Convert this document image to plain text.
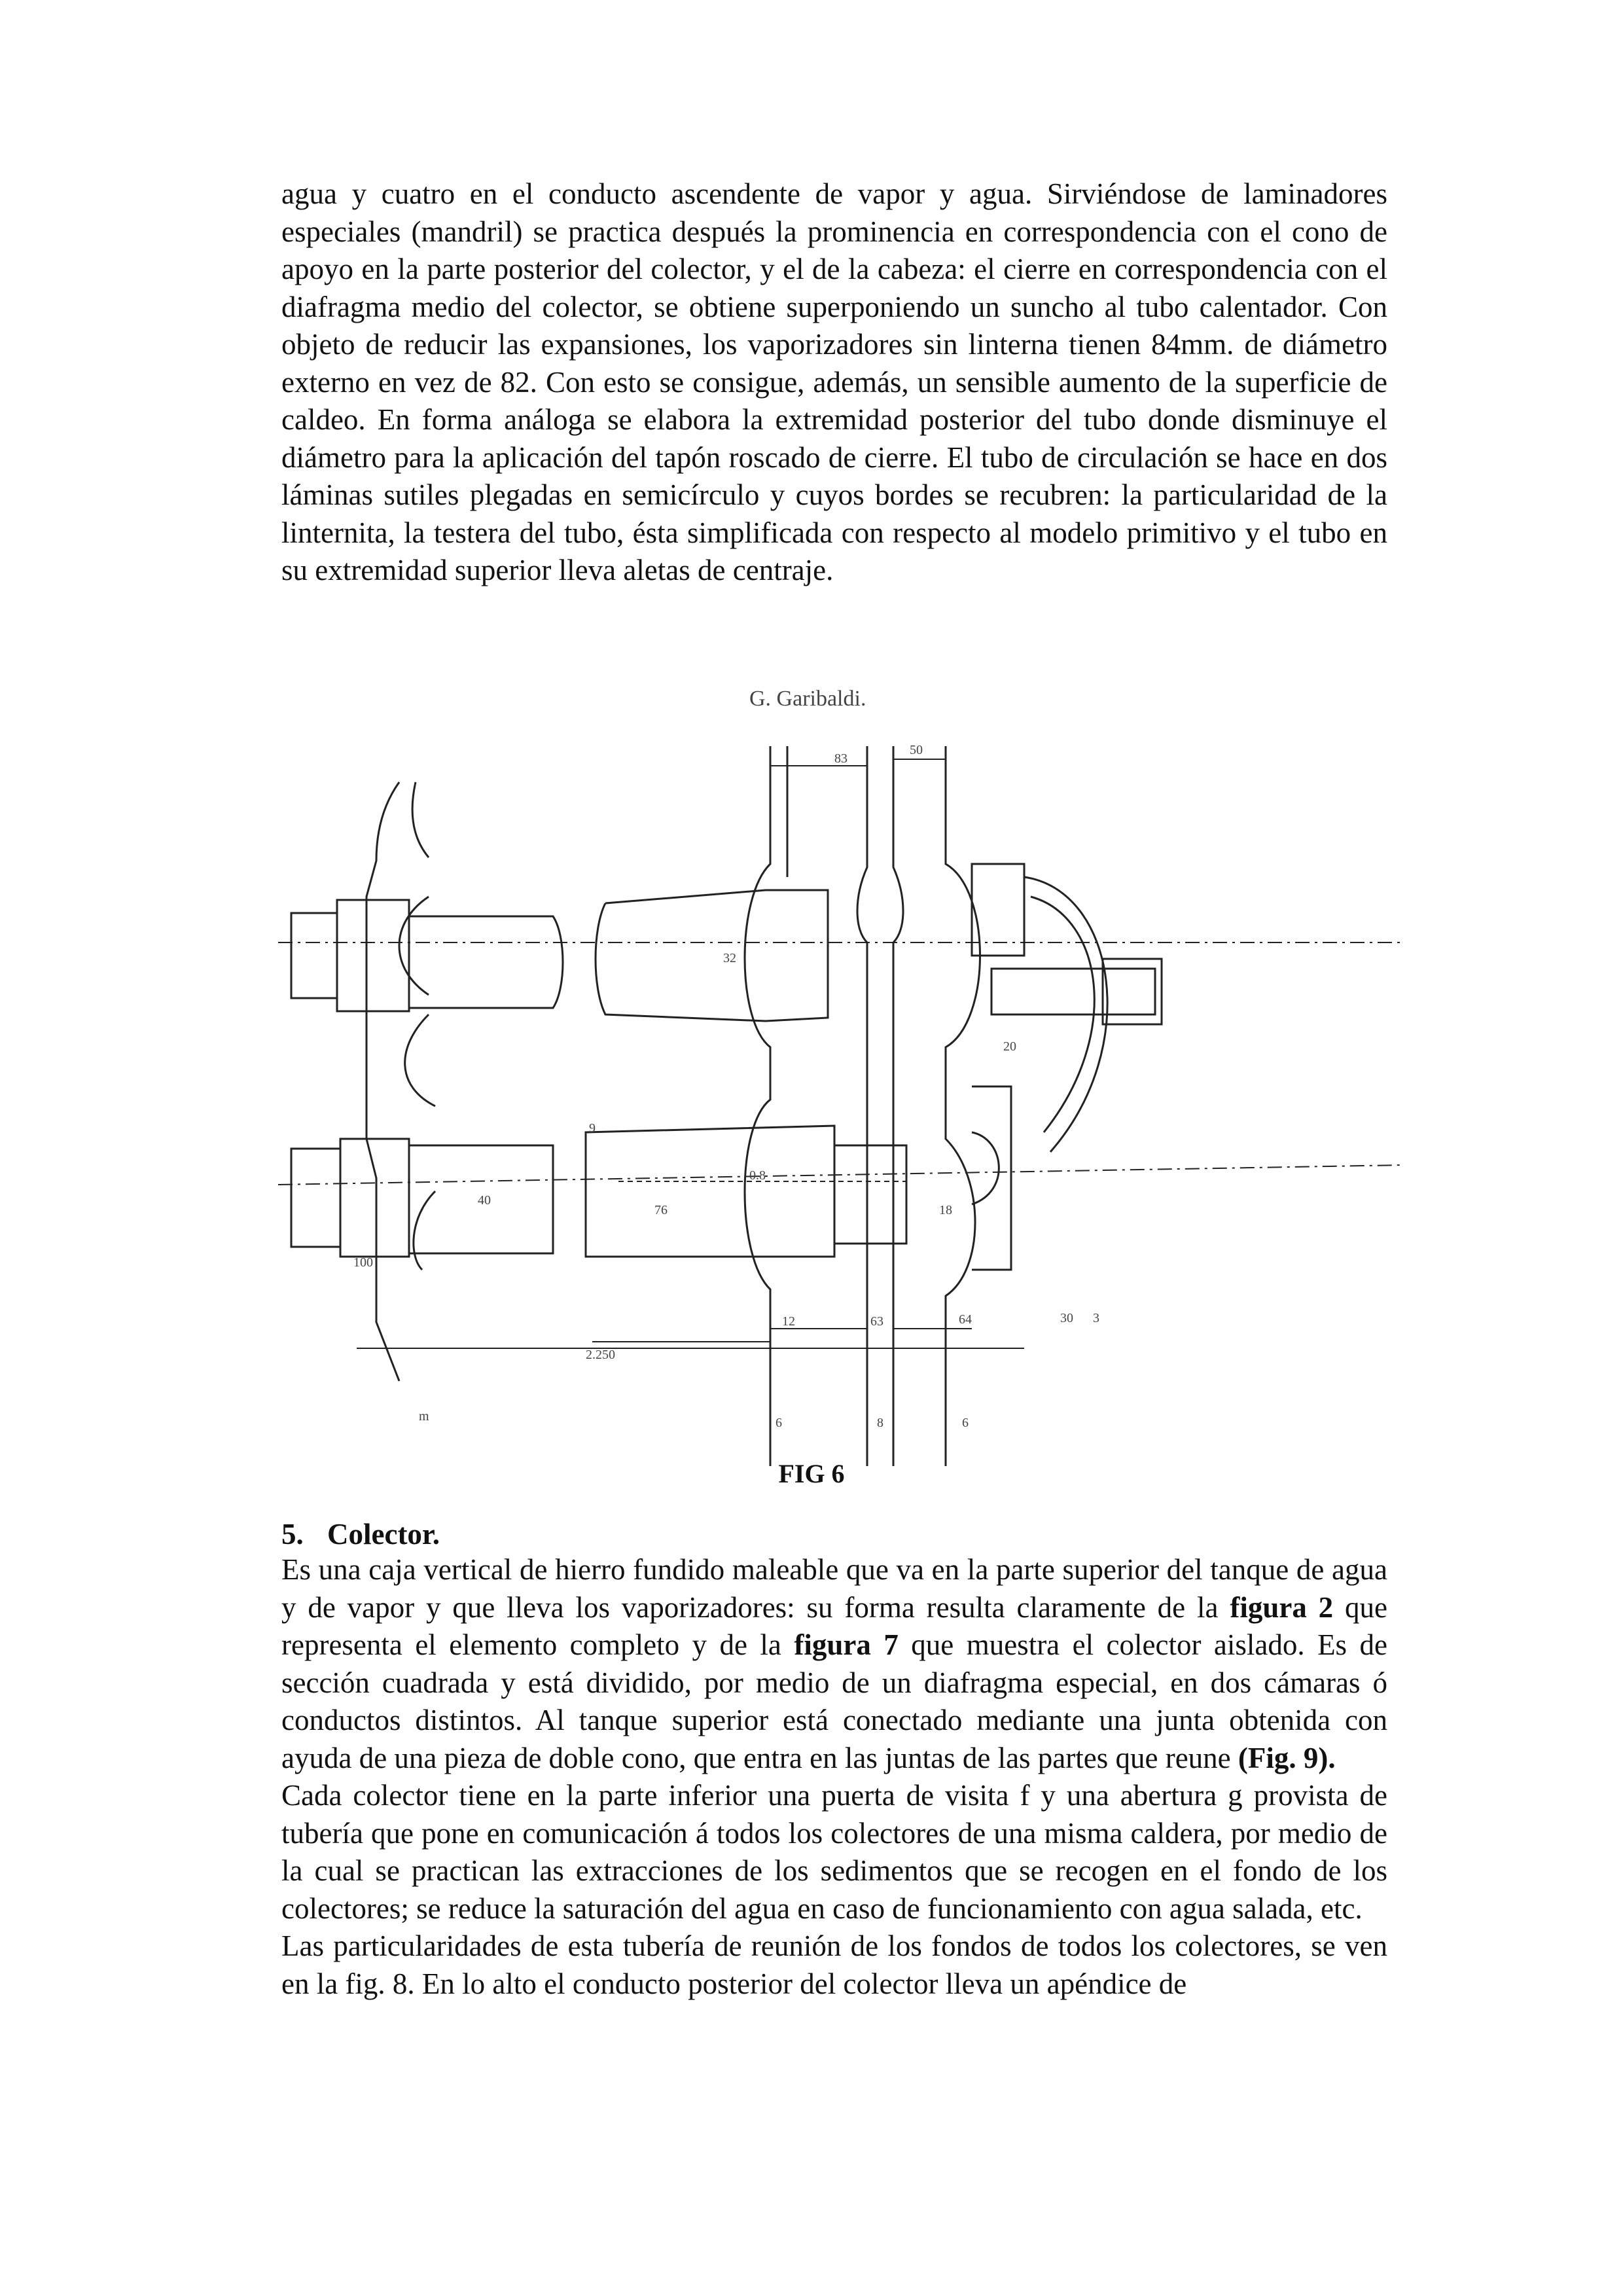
agua y cuatro en el conducto ascendente de vapor y agua. Sirviéndose de laminadores especiales (mandril) se practica después la prominencia en correspondencia con el cono de apoyo en la parte posterior del colector, y el de la cabeza: el cierre en correspondencia con el diafragma medio del colector, se obtiene superponiendo un suncho al tubo calentador. Con objeto de reducir las expansiones, los vaporizadores sin linterna tienen 84mm. de diámetro externo en vez de 82. Con esto se consigue, además, un sensible aumento de la superficie de caldeo. En forma análoga se elabora la extremidad posterior del tubo donde disminuye el diámetro para la aplicación del tapón roscado de cierre. El tubo de circulación se hace en dos láminas sutiles plegadas en semicírculo y cuyos bordes se recubren: la particularidad de la linternita, la testera del tubo, ésta simplificada con respecto al modelo primitivo y el tubo en su extremidad superior lleva aletas de centraje.

G. Garibaldi.
83
50
32
40
9
0.8
18
76
100
20
12	63	64	30 3
2.250
6	8	6
m
FIG 6
5. Colector.

Es una caja vertical de hierro fundido maleable que va en la parte superior del tanque de agua y de vapor y que lleva los vaporizadores: su forma resulta claramente de la figura 2 que representa el elemento completo y de la figura 7 que muestra el colector aislado. Es de sección cuadrada y está dividido, por medio de un diafragma especial, en dos cámaras ó conductos distintos. Al tanque superior está conectado mediante una junta obtenida con ayuda de una pieza de doble cono, que entra en las juntas de las partes que reune (Fig. 9).

Cada colector tiene en la parte inferior una puerta de visita f y una abertura g provista de tubería que pone en comunicación á todos los colectores de una misma caldera, por medio de la cual se practican las extracciones de los sedimentos que se recogen en el fondo de los colectores; se reduce la saturación del agua en caso de funcionamiento con agua salada, etc.

Las particularidades de esta tubería de reunión de los fondos de todos los colectores, se ven en la fig. 8. En lo alto el conducto posterior del colector lleva un apéndice de
